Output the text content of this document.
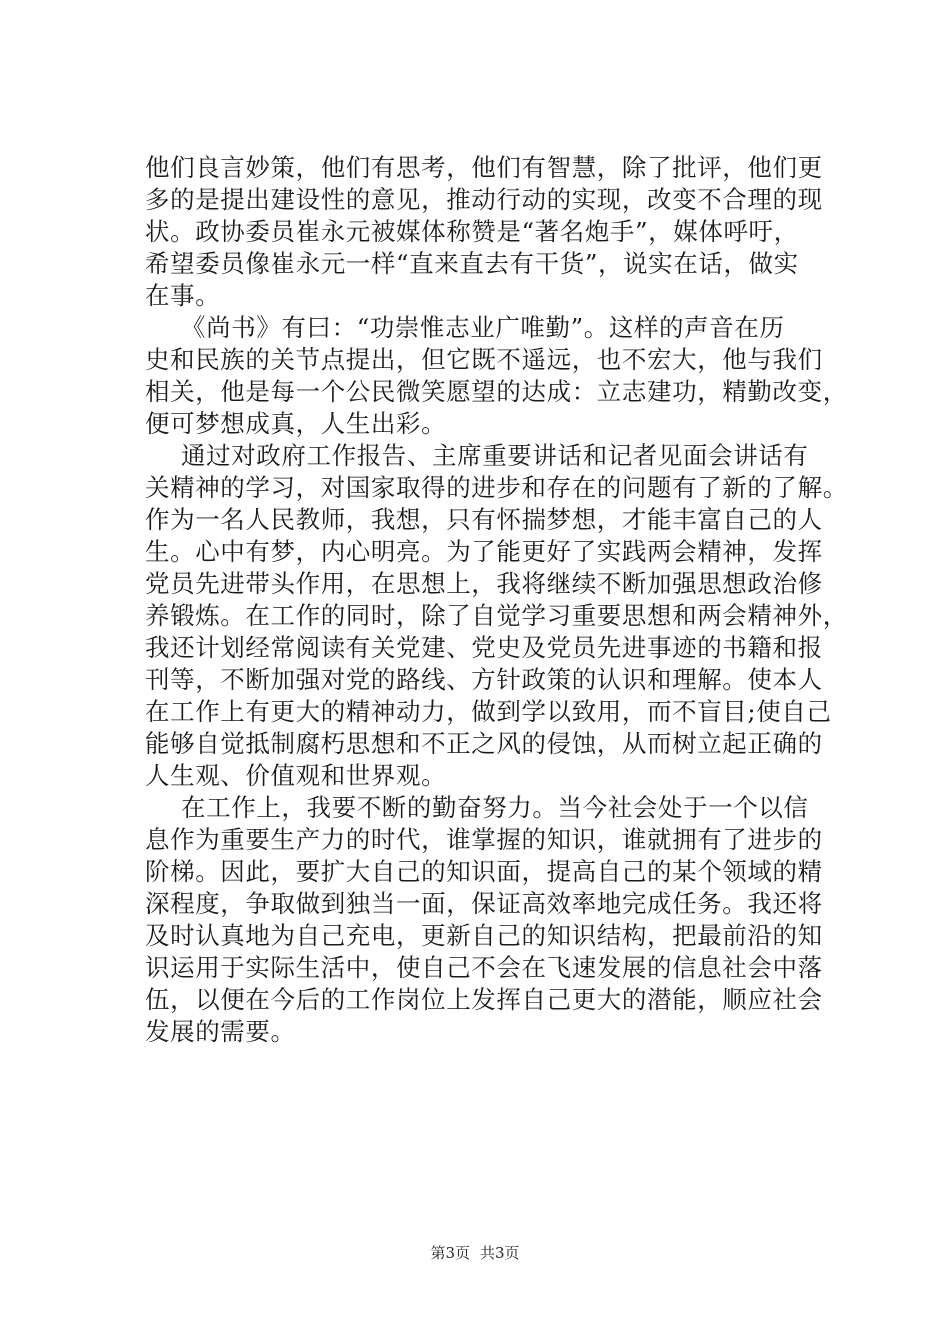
他们良言妙策，他们有思考，他们有智慧，除了批评，他们更
多的是提出建设性的意见，推动行动的实现，改变不合理的现
状。政协委员崔永元被媒体称赞是“著名炮手”，媒体呼吁，
希望委员像崔永元一样“直来直去有干货”，说实在话，做实
在事。
《尚书》有曰：“功崇惟志业广唯勤”。这样的声音在历
史和民族的关节点提出，但它既不遥远，也不宏大，他与我们
相关，他是每一个公民微笑愿望的达成：立志建功，精勤改变，
便可梦想成真，人生出彩。
通过对政府工作报告、主席重要讲话和记者见面会讲话有
关精神的学习，对国家取得的进步和存在的问题有了新的了解。
作为一名人民教师，我想，只有怀揣梦想，才能丰富自己的人
生。心中有梦，内心明亮。为了能更好了实践两会精神，发挥
党员先进带头作用，在思想上，我将继续不断加强思想政治修
养锻炼。在工作的同时，除了自觉学习重要思想和两会精神外，
我还计划经常阅读有关党建、党史及党员先进事迹的书籍和报
刊等，不断加强对党的路线、方针政策的认识和理解。使本人
在工作上有更大的精神动力，做到学以致用，而不盲目;使自己
能够自觉抵制腐朽思想和不正之风的侵蚀，从而树立起正确的
人生观、价值观和世界观。
在工作上，我要不断的勤奋努力。当今社会处于一个以信
息作为重要生产力的时代，谁掌握的知识，谁就拥有了进步的
阶梯。因此，要扩大自己的知识面，提高自己的某个领域的精
深程度，争取做到独当一面，保证高效率地完成任务。我还将
及时认真地为自己充电，更新自己的知识结构，把最前沿的知
识运用于实际生活中，使自己不会在飞速发展的信息社会中落
伍，以便在今后的工作岗位上发挥自己更大的潜能，顺应社会
发展的需要。
第3页 共3页
